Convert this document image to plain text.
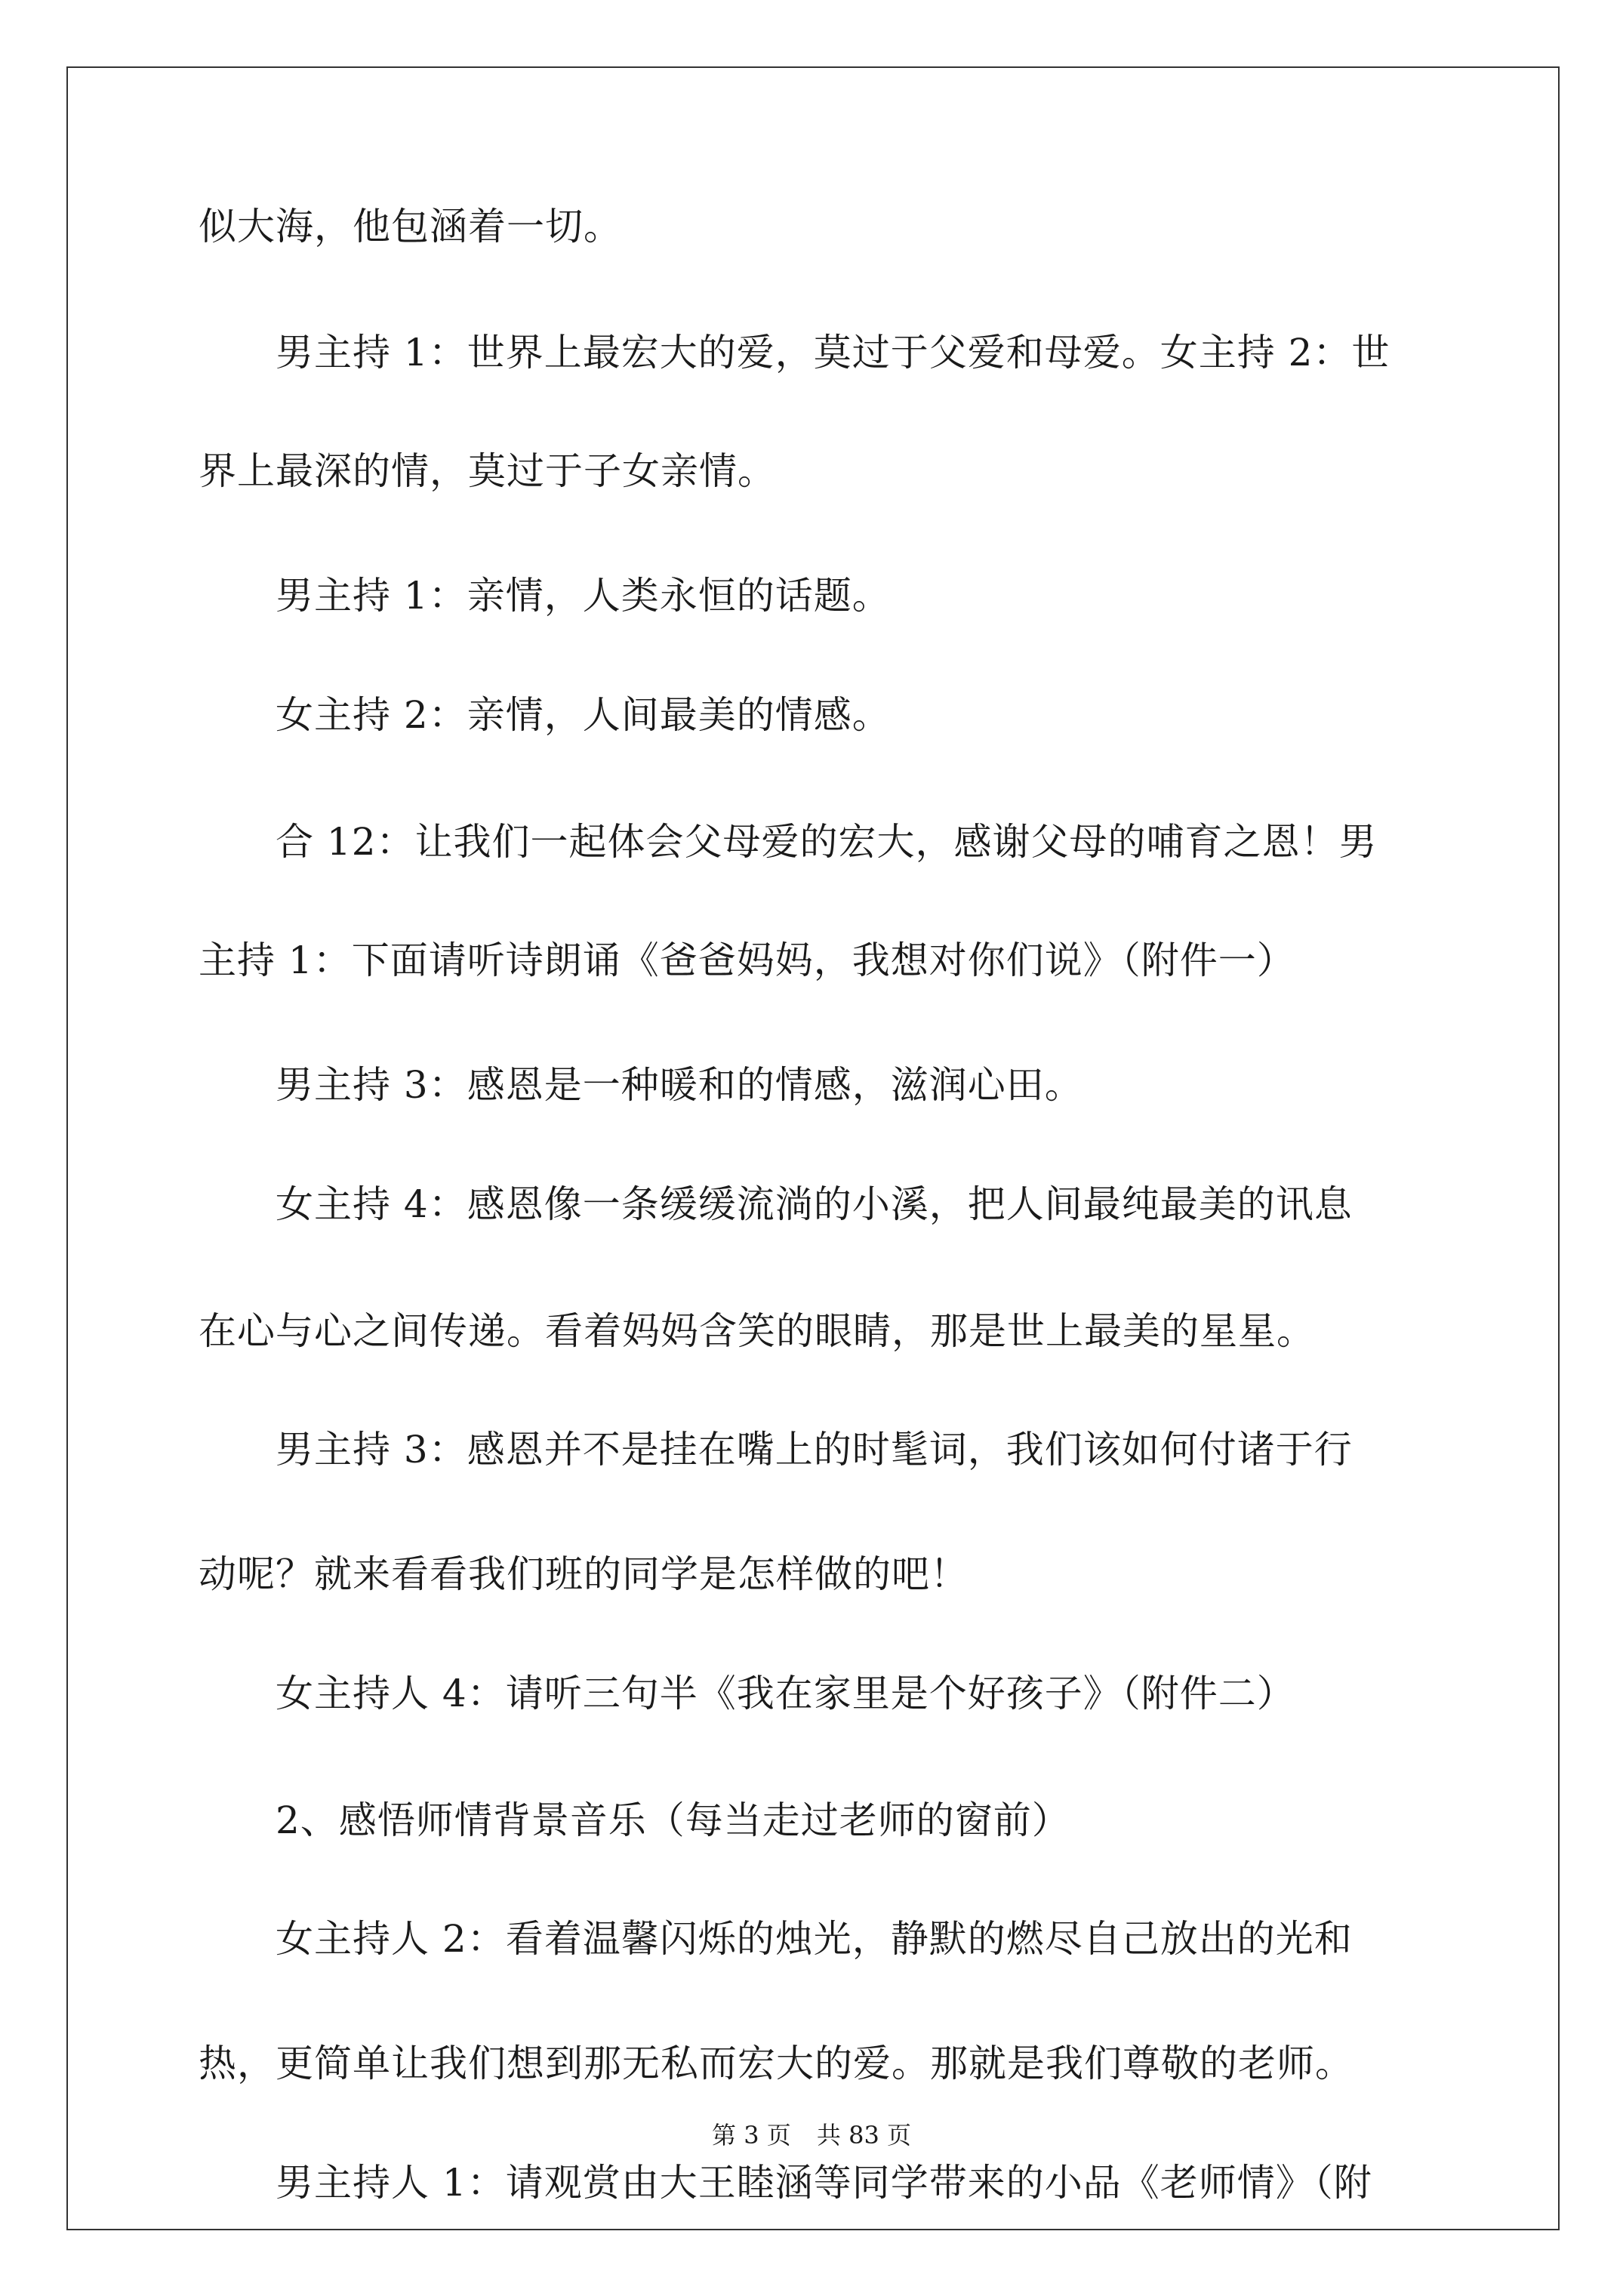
似大海，他包涵着一切。

　　男主持 1：世界上最宏大的爱，莫过于父爱和母爱。女主持 2：世

界上最深的情，莫过于子女亲情。

　　男主持 1：亲情，人类永恒的话题。

　　女主持 2：亲情，人间最美的情感。

　　合 12：让我们一起体会父母爱的宏大，感谢父母的哺育之恩！男

主持 1：下面请听诗朗诵《爸爸妈妈，我想对你们说》（附件一）

　　男主持 3：感恩是一种暖和的情感，滋润心田。

　　女主持 4：感恩像一条缓缓流淌的小溪，把人间最纯最美的讯息

在心与心之间传递。看着妈妈含笑的眼睛，那是世上最美的星星。

　　男主持 3：感恩并不是挂在嘴上的时髦词，我们该如何付诸于行

动呢？就来看看我们班的同学是怎样做的吧！

　　女主持人 4：请听三句半《我在家里是个好孩子》（附件二）

　　2、感悟师情背景音乐（每当走过老师的窗前）

　　女主持人 2：看着温馨闪烁的烛光，静默的燃尽自己放出的光和

热，更简单让我们想到那无私而宏大的爱。那就是我们尊敬的老师。

　　男主持人 1：请观赏由大王睦涵等同学带来的小品《老师情》（附

第 3 页 共 83 页
